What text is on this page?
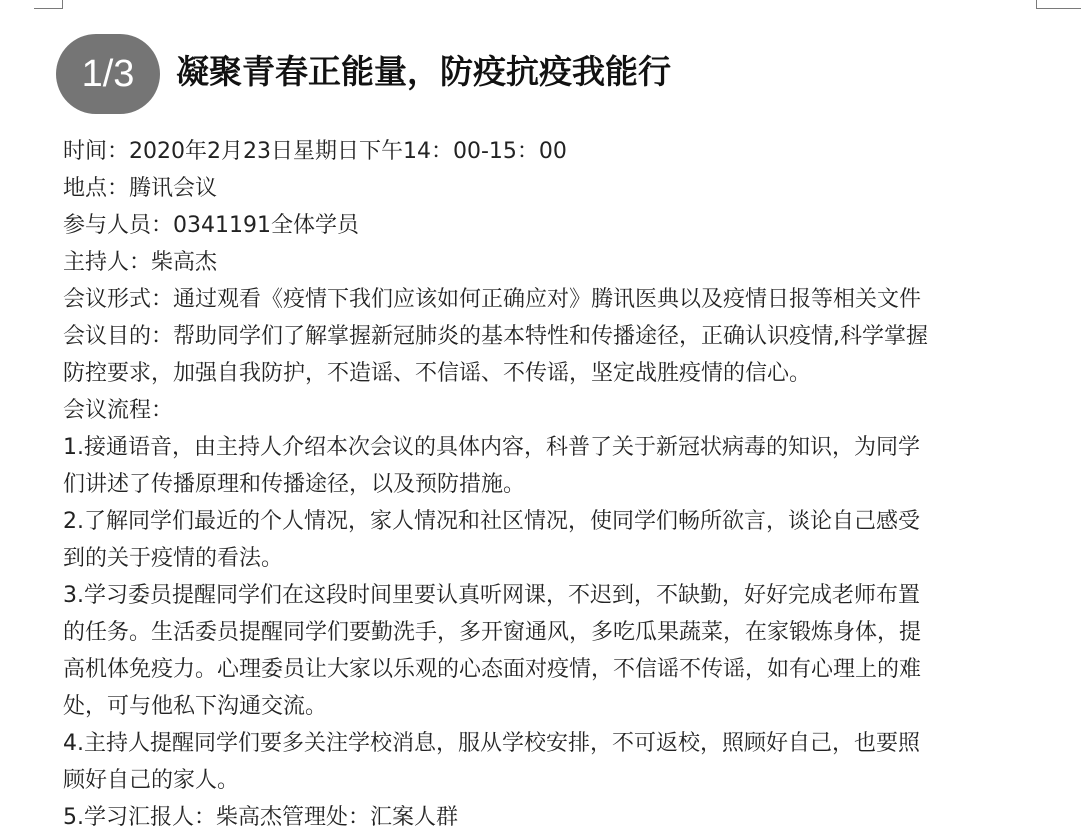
1/3	凝聚青春正能量，防疫抗疫我能行
时间：2020年2月23日星期日下午14：00-15：00
地点：腾讯会议
参与人员：0341191全体学员
主持人：柴高杰
会议形式：通过观看《疫情下我们应该如何正确应对》腾讯医典以及疫情日报等相关文件
会议目的：帮助同学们了解掌握新冠肺炎的基本特性和传播途径，正确认识疫情,科学掌握
防控要求，加强自我防护，不造谣、不信谣、不传谣，坚定战胜疫情的信心。
会议流程：
1.接通语音，由主持人介绍本次会议的具体内容，科普了关于新冠状病毒的知识，为同学
们讲述了传播原理和传播途径，以及预防措施。
2.了解同学们最近的个人情况，家人情况和社区情况，使同学们畅所欲言，谈论自己感受
到的关于疫情的看法。
3.学习委员提醒同学们在这段时间里要认真听网课，不迟到，不缺勤，好好完成老师布置
的任务。生活委员提醒同学们要勤洗手，多开窗通风，多吃瓜果蔬菜，在家锻炼身体，提
高机体免疫力。心理委员让大家以乐观的心态面对疫情，不信谣不传谣，如有心理上的难
处，可与他私下沟通交流。
4.主持人提醒同学们要多关注学校消息，服从学校安排，不可返校，照顾好自己，也要照
顾好自己的家人。
5.学习汇报人：柴高杰管理处：汇案人群
